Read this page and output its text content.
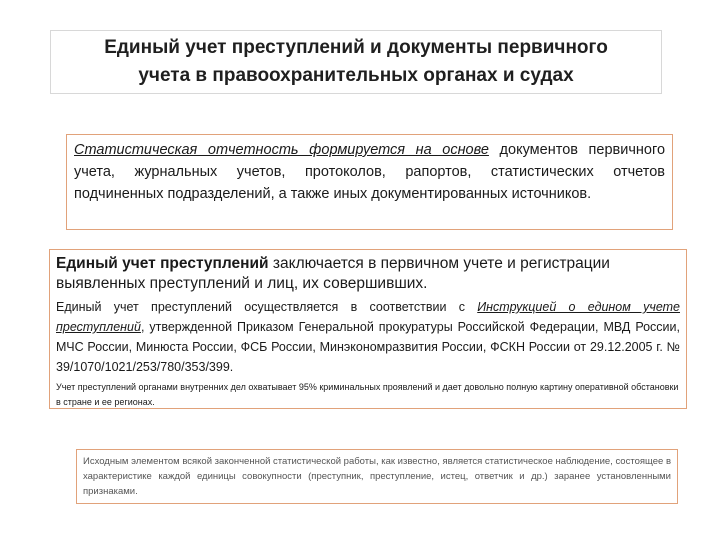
Единый учет преступлений и документы первичного
учета в правоохранительных органах и судах

Статистическая отчетность формируется на основе документов первичного учета, журнальных учетов, протоколов, рапортов, статистических отчетов подчиненных подразделений, а также иных документированных источников.

Единый учет преступлений заключается в первичном учете и регистрации выявленных преступлений и лиц, их совершивших.

Единый учет преступлений осуществляется в соответствии с Инструкцией о едином учете преступлений, утвержденной Приказом Генеральной прокуратуры Российской Федерации, МВД России, МЧС России, Минюста России, ФСБ России, Минэкономразвития России, ФСКН России от 29.12.2005 г. № 39/1070/1021/253/780/353/399.

Учет преступлений органами внутренних дел охватывает 95% криминальных проявлений и дает довольно полную картину оперативной обстановки в стране и ее регионах.

Исходным элементом всякой законченной статистической работы, как известно, является статистическое наблюдение, состоящее в характеристике каждой единицы совокупности (преступник, преступление, истец, ответчик и др.) заранее установленными признаками.
